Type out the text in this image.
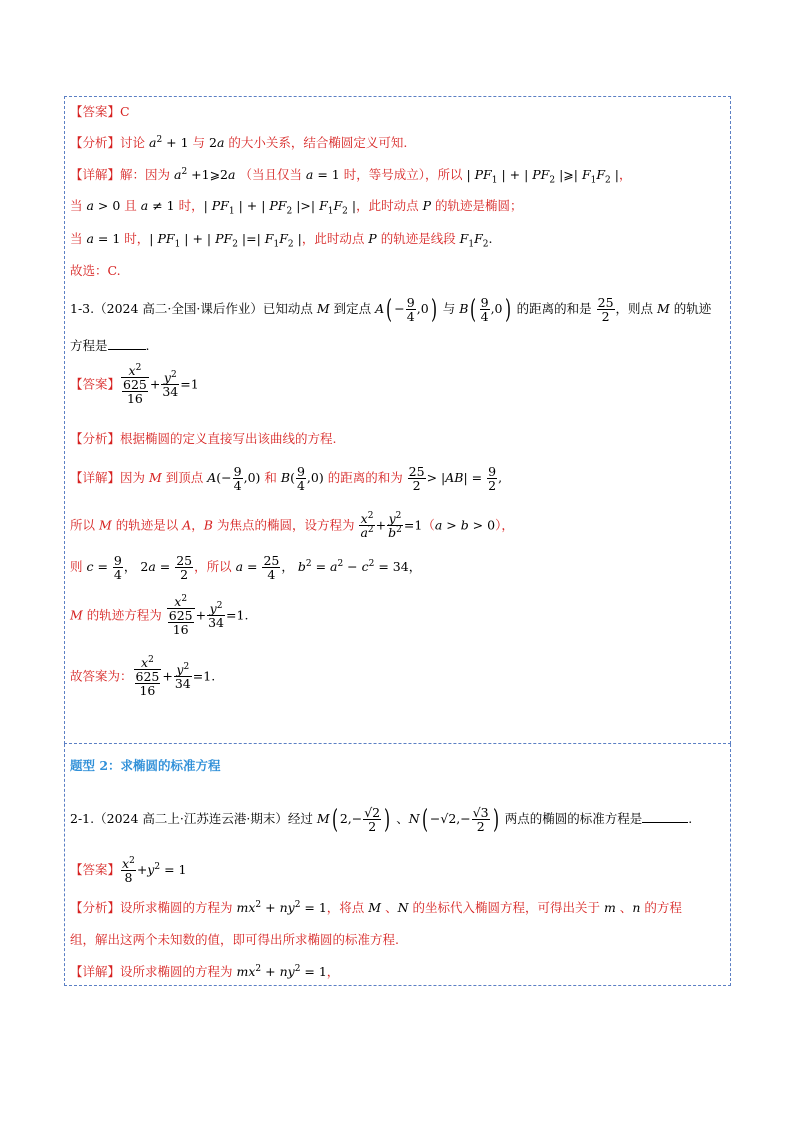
【答案】C
【分析】讨论 $a^2 + 1$ 与 2a 的大小关系，结合椭圆定义可知.
【详解】解：因为 $a^2$ +1⩾2a （当且仅当 a = 1 时，等号成立），所以 | $PF_1$ | + | $PF_2$ |⩾| $F_1F_2$ |，
当 a > 0 且 a ≠ 1 时，| $PF_1$ | + | $PF_2$ |>| $F_1F_2$ |，此时动点 P 的轨迹是椭圆；
当 a = 1 时，| $PF_1$ | + | $PF_2$ |=| $F_1F_2$ |，此时动点 P 的轨迹是线段 $F_1F_2$.
故选：C.
1-3.（2024 高二·全国·课后作业）已知动点 M 到定点 $A( - \frac{9}{4} ,0)$ 与 $B( \frac{9}{4} ,0)$ 的距离的和是 $\frac{25}{2}$ ，则点 M 的轨迹
方程是	.
【答案】 $\frac{x^2}{\frac{625}{16}} + \frac{y^2}{34} =1$
【分析】根据椭圆的定义直接写出该曲线的方程.
【详解】因为 M 到顶点 $A(- \frac{9}{4} ,0)$ 和 $B( \frac{9}{4} ,0)$ 的距离的和为 $\frac{25}{2} > |AB| = \frac{9}{2}$ ,
所以 M 的轨迹是以 A，B 为焦点的椭圆，设方程为 $\frac{x^2}{a^2} + \frac{y^2}{b^2} =1(a > b > 0)$，
则 $c = \frac{9}{4}$ ， $2a = \frac{25}{2}$ ，所以 $a = \frac{25}{4}$ ， $b^2 = a^2 - c^2 = 34$，
M 的轨迹方程为 $\frac{x^2}{\frac{625}{16}} + \frac{y^2}{34} =1$.
故答案为： $\frac{x^2}{\frac{625}{16}} + \frac{y^2}{34} =1$.
题型 2：求椭圆的标准方程
2-1.（2024 高二上·江苏连云港·期末）经过 M( $2,- \frac{√2}{2}$ ) 、$N( -√2,- \frac{√3}{2}$ ) 两点的椭圆的标准方程是	.
【答案】 $\frac{x^2}{8} +y^2 = 1$
【分析】设所求椭圆的方程为 $mx^2 + ny^2 = 1$，将点 M 、N 的坐标代入椭圆方程，可得出关于 m 、n 的方程
组，解出这两个未知数的值，即可得出所求椭圆的标准方程.
【详解】设所求椭圆的方程为 $mx^2 + ny^2 = 1$，
